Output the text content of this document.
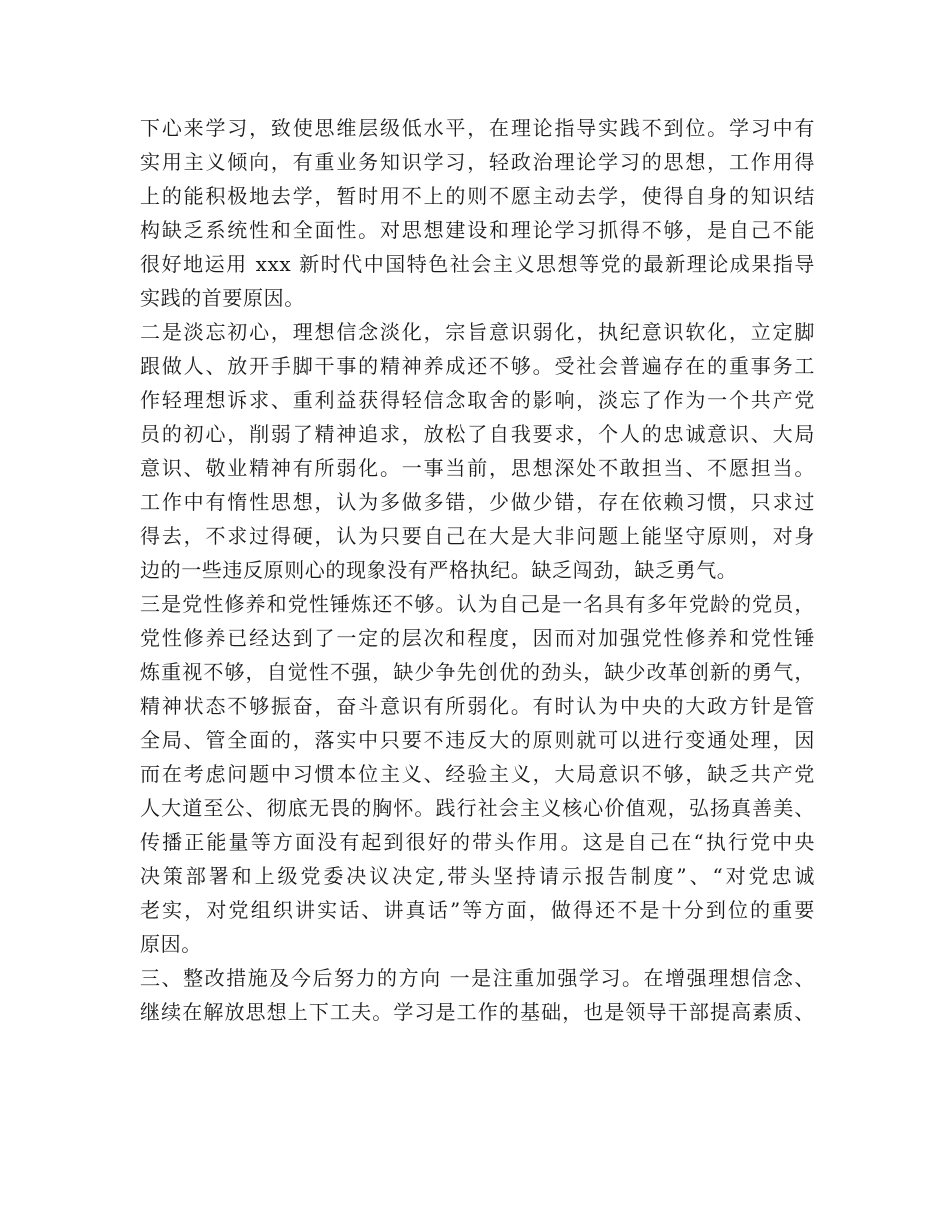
下心来学习，致使思维层级低水平，在理论指导实践不到位。学习中有
实用主义倾向，有重业务知识学习，轻政治理论学习的思想，工作用得
上的能积极地去学，暂时用不上的则不愿主动去学，使得自身的知识结
构缺乏系统性和全面性。对思想建设和理论学习抓得不够，是自己不能
很好地运用 xxx 新时代中国特色社会主义思想等党的最新理论成果指导
实践的首要原因。
二是淡忘初心，理想信念淡化，宗旨意识弱化，执纪意识软化，立定脚
跟做人、放开手脚干事的精神养成还不够。受社会普遍存在的重事务工
作轻理想诉求、重利益获得轻信念取舍的影响，淡忘了作为一个共产党
员的初心，削弱了精神追求，放松了自我要求，个人的忠诚意识、大局
意识、敬业精神有所弱化。一事当前，思想深处不敢担当、不愿担当。
工作中有惰性思想，认为多做多错，少做少错，存在依赖习惯，只求过
得去，不求过得硬，认为只要自己在大是大非问题上能坚守原则，对身
边的一些违反原则心的现象没有严格执纪。缺乏闯劲，缺乏勇气。
三是党性修养和党性锤炼还不够。认为自己是一名具有多年党龄的党员，
党性修养已经达到了一定的层次和程度，因而对加强党性修养和党性锤
炼重视不够，自觉性不强，缺少争先创优的劲头，缺少改革创新的勇气，
精神状态不够振奋，奋斗意识有所弱化。有时认为中央的大政方针是管
全局、管全面的，落实中只要不违反大的原则就可以进行变通处理，因
而在考虑问题中习惯本位主义、经验主义，大局意识不够，缺乏共产党
人大道至公、彻底无畏的胸怀。践行社会主义核心价值观，弘扬真善美、
传播正能量等方面没有起到很好的带头作用。这是自己在“执行党中央
决策部署和上级党委决议决定,带头坚持请示报告制度”、“对党忠诚
老实，对党组织讲实话、讲真话”等方面，做得还不是十分到位的重要
原因。
三、整改措施及今后努力的方向 一是注重加强学习。在增强理想信念、
继续在解放思想上下工夫。学习是工作的基础，也是领导干部提高素质、
